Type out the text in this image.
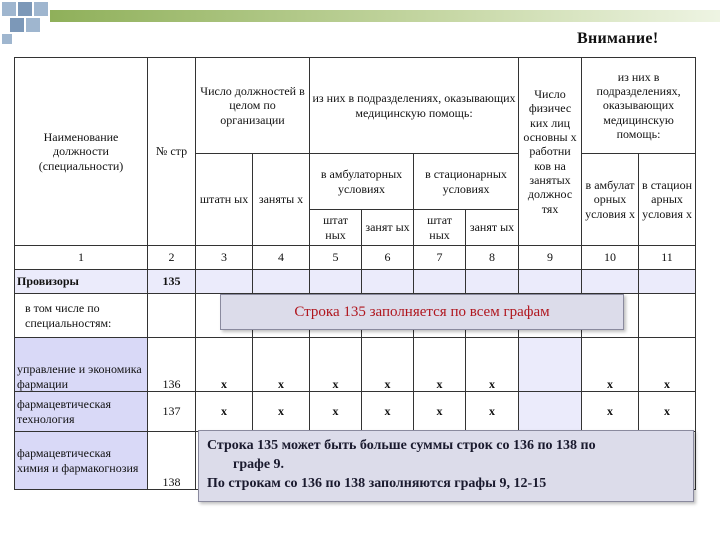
Внимание!
Наименование должности (специальности)	№ стр	Число должностей в целом по организации		из них в подразделениях, оказывающих медицинскую помощь:				Число физичес ких лиц основны х работни ков на занятых должнос тях	из них в подразделениях, оказывающих медицинскую помощь:	
		штатн ых	заняты х	в амбулаторных условиях		в стационарных условиях			в амбулат орных условия х	в стацион арных условия х
				штат ных	занят ых	штат ных	занят ых			
1	2	3	4	5	6	7	8	9	10	11
Провизоры	135									
в том числе по специальностям:										
управление и экономика фармации	136	x	x	x	x	x	x		x	x
фармацевтическая технология	137	x	x	x	x	x	x		x	x
фармацевтическая химия и фармакогнозия	138									
Строка 135 заполняется по всем графам
Строка 135 может быть больше суммы строк со 136 по 138 по

графе 9.
По строкам со 136 по 138 заполняются графы 9, 12-15
